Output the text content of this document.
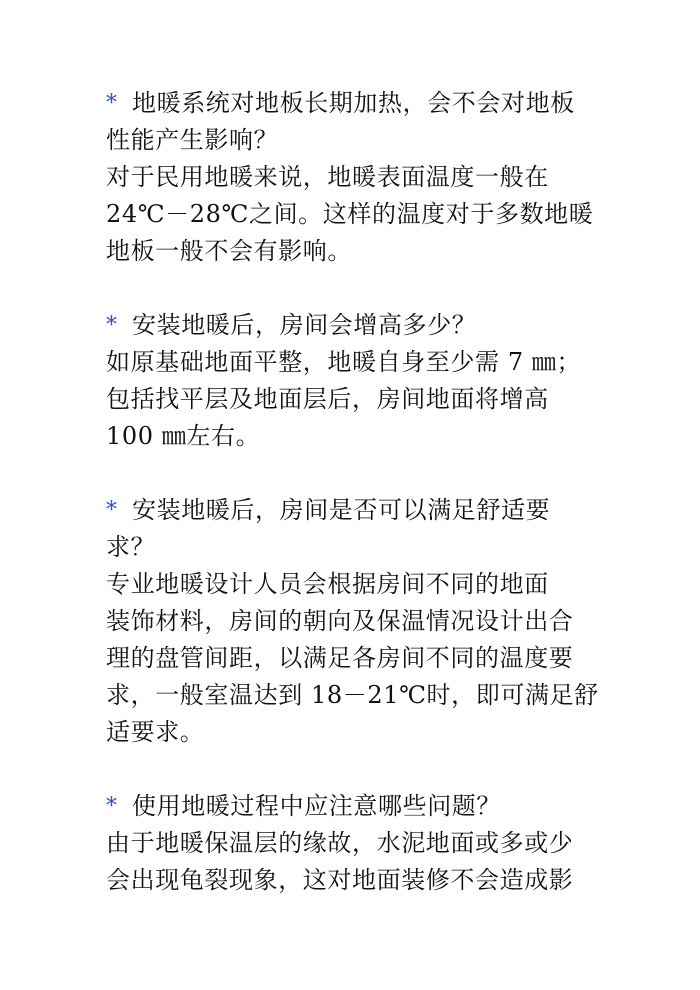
* 地暖系统对地板长期加热，会不会对地板
性能产生影响？
对于民用地暖来说，地暖表面温度一般在
24℃－28℃之间。这样的温度对于多数地暖
地板一般不会有影响。
* 安装地暖后，房间会增高多少？
如原基础地面平整，地暖自身至少需 7 ㎜；
包括找平层及地面层后，房间地面将增高
100 ㎜左右。
* 安装地暖后，房间是否可以满足舒适要
求？
专业地暖设计人员会根据房间不同的地面
装饰材料，房间的朝向及保温情况设计出合
理的盘管间距，以满足各房间不同的温度要
求，一般室温达到 18－21℃时，即可满足舒
适要求。
* 使用地暖过程中应注意哪些问题？
由于地暖保温层的缘故，水泥地面或多或少
会出现龟裂现象，这对地面装修不会造成影
